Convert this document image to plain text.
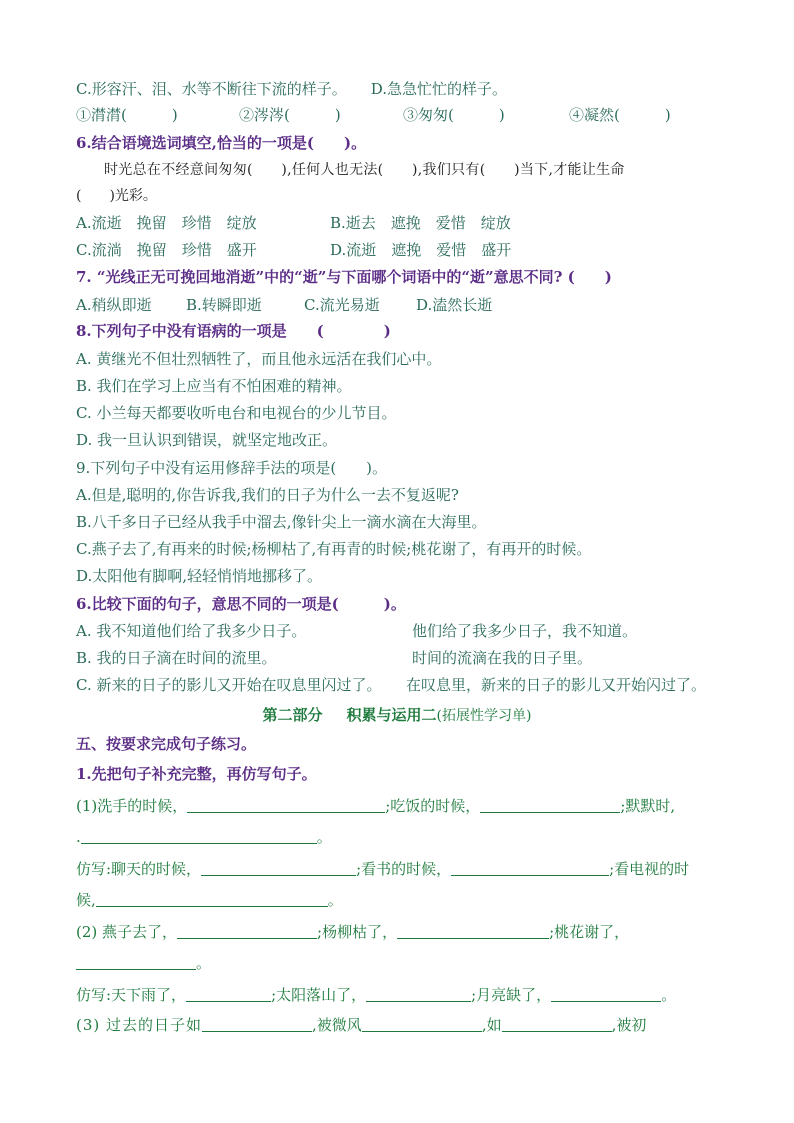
C.形容汗、泪、水等不断往下流的样子。 D.急急忙忙的样子。
①潸潸(　　　)	②涔涔(　　　)	③匆匆(　　　)	④凝然(　　　)
6.结合语境选词填空,恰当的一项是(　　)。
时光总在不经意间匆匆(　　),任何人也无法(　　),我们只有(　　)当下,才能让生命
(　　)光彩。
A.流逝　挽留　珍惜　绽放	B.逝去　遮挽　爱惜　绽放
C.流淌　挽留　珍惜　盛开	D.流逝　遮挽　爱惜　盛开
7. “光线正无可挽回地消逝”中的“逝”与下面哪个词语中的“逝”意思不同? (　　)
A.稍纵即逝 B.转瞬即逝	C.流光易逝 D.溘然长逝
8.下列句子中没有语病的一项是　　(　　　　)
A. 黄继光不但壮烈牺牲了，而且他永远活在我们心中。
B. 我们在学习上应当有不怕困难的精神。
C. 小兰每天都要收听电台和电视台的少儿节目。
D. 我一旦认识到错误，就坚定地改正。
9.下列句子中没有运用修辞手法的项是(　　)。
A.但是,聪明的,你告诉我,我们的日子为什么一去不复返呢?
B.八千多日子已经从我手中溜去,像针尖上一滴水滴在大海里。
C.燕子去了,有再来的时候;杨柳枯了,有再青的时候;桃花谢了，有再开的时候。
D.太阳他有脚啊,轻轻悄悄地挪移了。
6.比较下面的句子，意思不同的一项是(　　　)。
A. 我不知道他们给了我多少日子。	他们给了我多少日子，我不知道。
B. 我的日子滴在时间的流里。	时间的流滴在我的日子里。
C. 新来的日子的影儿又开始在叹息里闪过了。 在叹息里，新来的日子的影儿又开始闪过了。
第二部分 积累与运用二(拓展性学习单)
五、按要求完成句子练习。
1.先把句子补充完整，再仿写句子。
(1)洗手的时候，	;吃饭的时候，	;默默时,
.	。
仿写:聊天的时候，	;看书的时候，	;看电视的时
候,	。
(2) 燕子去了，	;杨柳枯了，	;桃花谢了，
。
仿写:天下雨了，	;太阳落山了，	;月亮缺了，	。
(3) 过去的日子如	,被微风	,如	,被初
